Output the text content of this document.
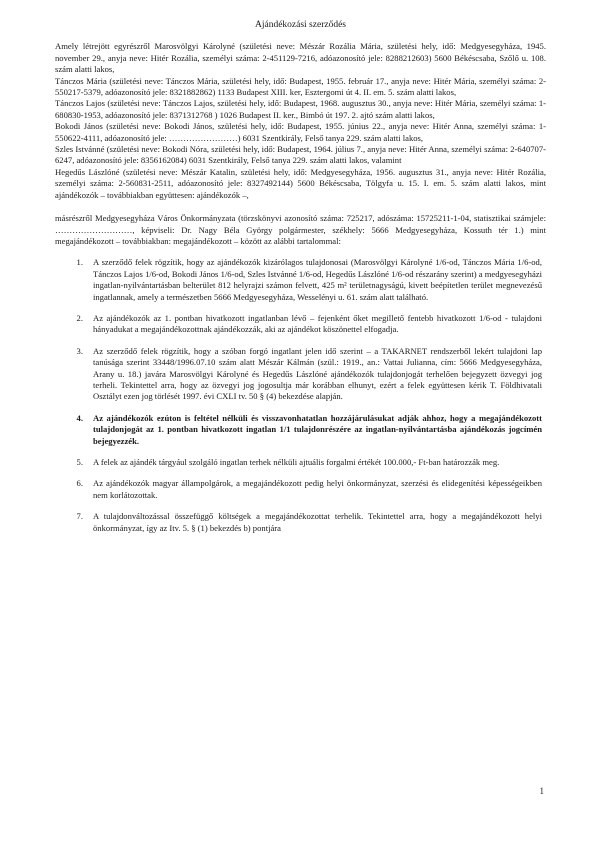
Ajándékozási szerződés

Amely létrejött egyrészről Marosvölgyi Károlyné (születési neve: Mészár Rozália Mária, születési hely, idő: Medgyesegyháza, 1945. november 29., anyja neve: Hitér Rozália, személyi száma: 2-451129-7216, adóazonosító jele: 8288212603) 5600 Békéscsaba, Szőlő u. 108. szám alatti lakos,

Tánczos Mária (születési neve: Tánczos Mária, születési hely, idő: Budapest, 1955. február 17., anyja neve: Hitér Mária, személyi száma: 2-550217-5379, adóazonosító jele: 8321882862) 1133 Budapest XIII. ker, Esztergomi út 4. II. em. 5. szám alatti lakos,

Tánczos Lajos (születési neve: Tánczos Lajos, születési hely, idő: Budapest, 1968. augusztus 30., anyja neve: Hitér Mária, személyi száma: 1-680830-1953, adóazonosító jele: 8371312768 ) 1026 Budapest II. ker., Bimbó út 197. 2. ajtó szám alatti lakos,

Bokodi János (születési neve: Bokodi János, születési hely, idő: Budapest, 1955. június 22., anyja neve: Hitér Anna, személyi száma: 1-550622-4111, adóazonosító jele: ……………………) 6031 Szentkirály, Felső tanya 229. szám alatti lakos,

Szles Istvánné (születési neve: Bokodi Nóra, születési hely, idő: Budapest, 1964. július 7., anyja neve: Hitér Anna, személyi száma: 2-640707-6247, adóazonosító jele: 8356162084) 6031 Szentkirály, Felső tanya 229. szám alatti lakos, valamint

Hegedűs Lászlóné (születési neve: Mészár Katalin, születési hely, idő: Medgyesegyháza, 1956. augusztus 31., anyja neve: Hitér Rozália, személyi száma: 2-560831-2511, adóazonosító jele: 8327492144) 5600 Békéscsaba, Tölgyfa u. 15. I. em. 5. szám alatti lakos, mint ajándékozók – továbbiakban együttesen: ajándékozók –,

másrészről Medgyesegyháza Város Önkormányzata (törzskönyvi azonosító száma: 725217, adószáma: 15725211-1-04, statisztikai számjele: ………………………, képviseli: Dr. Nagy Béla György polgármester, székhely: 5666 Medgyesegyháza, Kossuth tér 1.) mint megajándékozott – továbbiakban: megajándékozott – között az alábbi tartalommal:

1.	A szerződő felek rögzítik, hogy az ajándékozók kizárólagos tulajdonosai (Marosvölgyi Károlyné 1/6-od, Tánczos Mária 1/6-od, Tánczos Lajos 1/6-od, Bokodi János 1/6-od, Szles Istvánné 1/6-od, Hegedűs Lászlóné 1/6-od részarány szerint) a medgyesegyházi ingatlan-nyilvántartásban belterület 812 helyrajzi számon felvett, 425 m² területnagyságú, kivett beépítetlen terület megnevezésű ingatlannak, amely a természetben 5666 Medgyesegyháza, Wesselényi u. 61. szám alatt található.
2.	Az ajándékozók az 1. pontban hivatkozott ingatlanban lévő – fejenként őket megillető fentebb hivatkozott 1/6-od - tulajdoni hányadukat a megajándékozottnak ajándékozzák, aki az ajándékot köszönettel elfogadja.
3.	Az szerződő felek rögzítik, hogy a szóban forgó ingatlant jelen idő szerint – a TAKARNET rendszerből lekért tulajdoni lap tanúsága szerint 33448/1996.07.10 szám alatt Mészár Kálmán (szül.: 1919., an.: Vattai Julianna, cím: 5666 Medgyesegyháza, Arany u. 18.) javára Marosvölgyi Károlyné és Hegedűs Lászlóné ajándékozók tulajdonjogát terhelően bejegyzett özvegyi jog terheli. Tekintettel arra, hogy az özvegyi jog jogosultja már korábban elhunyt, ezért a felek együttesen kérik T. Földhivatali Osztályt ezen jog törlését 1997. évi CXLI tv. 50 § (4) bekezdése alapján.
4.	Az ajándékozók ezúton is feltétel nélküli és visszavonhatatlan hozzájárulásukat adják ahhoz, hogy a megajándékozott tulajdonjogát az 1. pontban hivatkozott ingatlan 1/1 tulajdonrészére az ingatlan-nyilvántartásba ajándékozás jogcímén bejegyezzék.
5.	A felek az ajándék tárgyául szolgáló ingatlan terhek nélküli ajtuális forgalmi értékét 100.000,- Ft-ban határozzák meg.
6.	Az ajándékozók magyar állampolgárok, a megajándékozott pedig helyi önkormányzat, szerzési és elidegenítési képességeikben nem korlátozottak.
7.	A tulajdonváltozással összefüggő költségek a megajándékozottat terhelik. Tekintettel arra, hogy a megajándékozott helyi önkormányzat, így az Itv. 5. § (1) bekezdés b) pontjára
1
